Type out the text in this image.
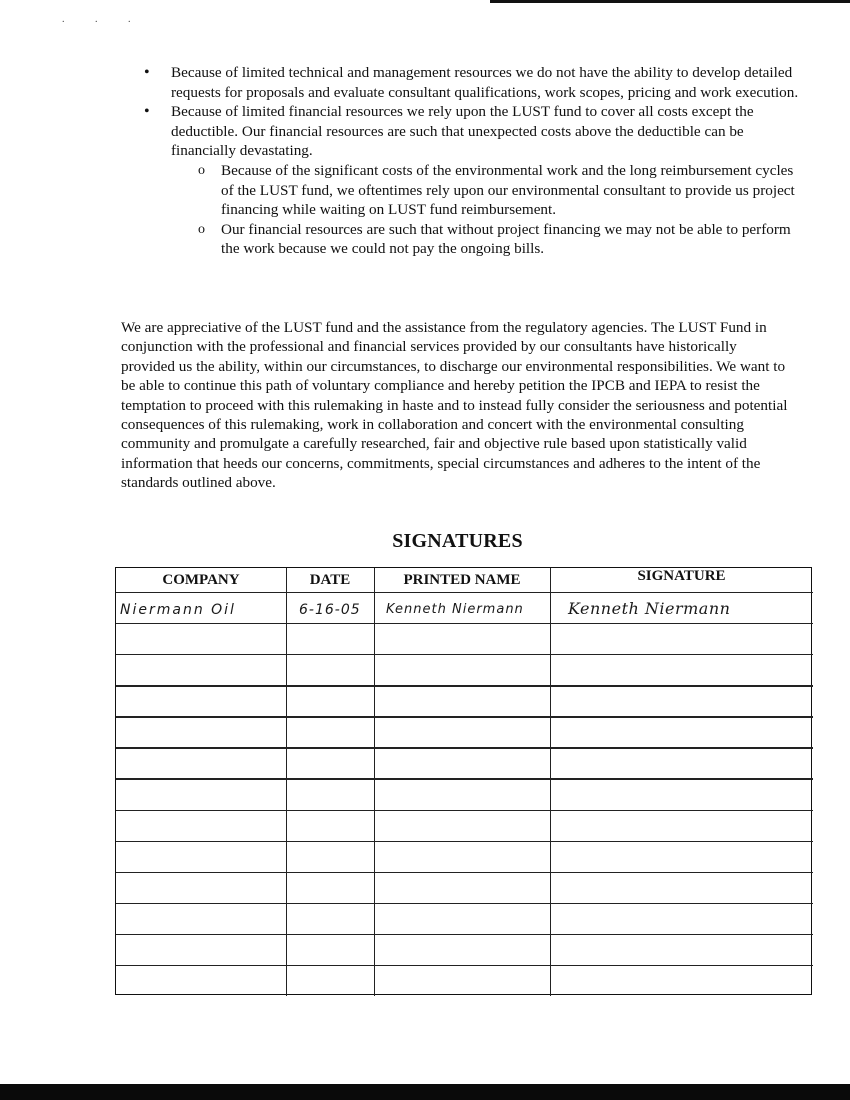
. . .
• Because of limited technical and management resources we do not have the ability to develop detailed requests for proposals and evaluate consultant qualifications, work scopes, pricing and work execution.
• Because of limited financial resources we rely upon the LUST fund to cover all costs except the deductible. Our financial resources are such that unexpected costs above the deductible can be financially devastating.
o Because of the significant costs of the environmental work and the long reimbursement cycles of the LUST fund, we oftentimes rely upon our environmental consultant to provide us project financing while waiting on LUST fund reimbursement.
o Our financial resources are such that without project financing we may not be able to perform the work because we could not pay the ongoing bills.
We are appreciative of the LUST fund and the assistance from the regulatory agencies. The LUST Fund in conjunction with the professional and financial services provided by our consultants have historically provided us the ability, within our circumstances, to discharge our environmental responsibilities. We want to be able to continue this path of voluntary compliance and hereby petition the IPCB and IEPA to resist the temptation to proceed with this rulemaking in haste and to instead fully consider the seriousness and potential consequences of this rulemaking, work in collaboration and concert with the environmental consulting community and promulgate a carefully researched, fair and objective rule based upon statistically valid information that heeds our concerns, commitments, special circumstances and adheres to the intent of the standards outlined above.
SIGNATURES
COMPANY	DATE	PRINTED NAME	SIGNATURE
Niermann Oil	6-16-05 Kenneth Niermann	Kenneth Niermann
